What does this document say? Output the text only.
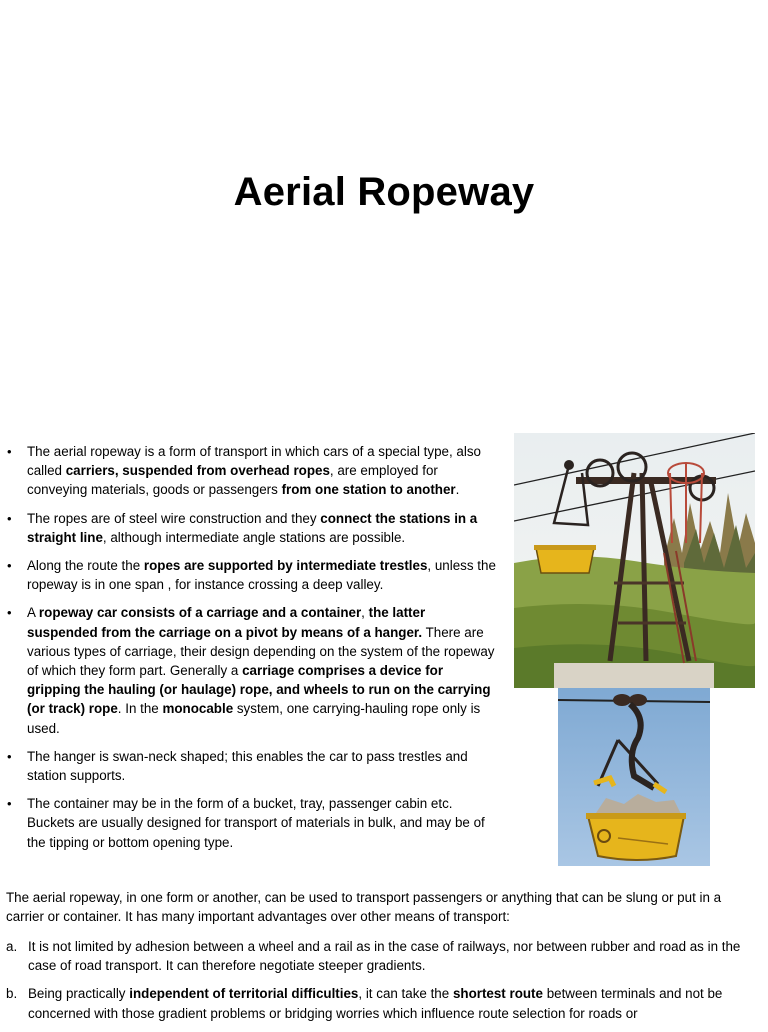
Aerial Ropeway
• The aerial ropeway is a form of transport in which cars of a special type, also called carriers, suspended from overhead ropes, are employed for conveying materials, goods or passengers from one station to another.
• The ropes are of steel wire construction and they connect the stations in a straight line, although intermediate angle stations are possible.
• Along the route the ropes are supported by intermediate trestles, unless the ropeway is in one span , for instance crossing a deep valley.
• A ropeway car consists of a carriage and a container, the latter suspended from the carriage on a pivot by means of a hanger. There are various types of carriage, their design depending on the system of the ropeway of which they form part. Generally a carriage comprises a device for gripping the hauling (or haulage) rope, and wheels to run on the carrying (or track) rope. In the monocable system, one carrying-hauling rope only is used.
• The hanger is swan-neck shaped; this enables the car to pass trestles and station supports.
• The container may be in the form of a bucket, tray, passenger cabin etc. Buckets are usually designed for transport of materials in bulk, and may be of the tipping or bottom opening type.

The aerial ropeway, in one form or another, can be used to transport passengers or anything that can be slung or put in a carrier or container. It has many important advantages over other means of transport:

a. It is not limited by adhesion between a wheel and a rail as in the case of railways, nor between rubber and road as in the case of road transport. It can therefore negotiate steeper gradients.
b. Being practically independent of territorial difficulties, it can take the shortest route between terminals and not be concerned with those gradient problems or bridging worries which influence route selection for roads or
